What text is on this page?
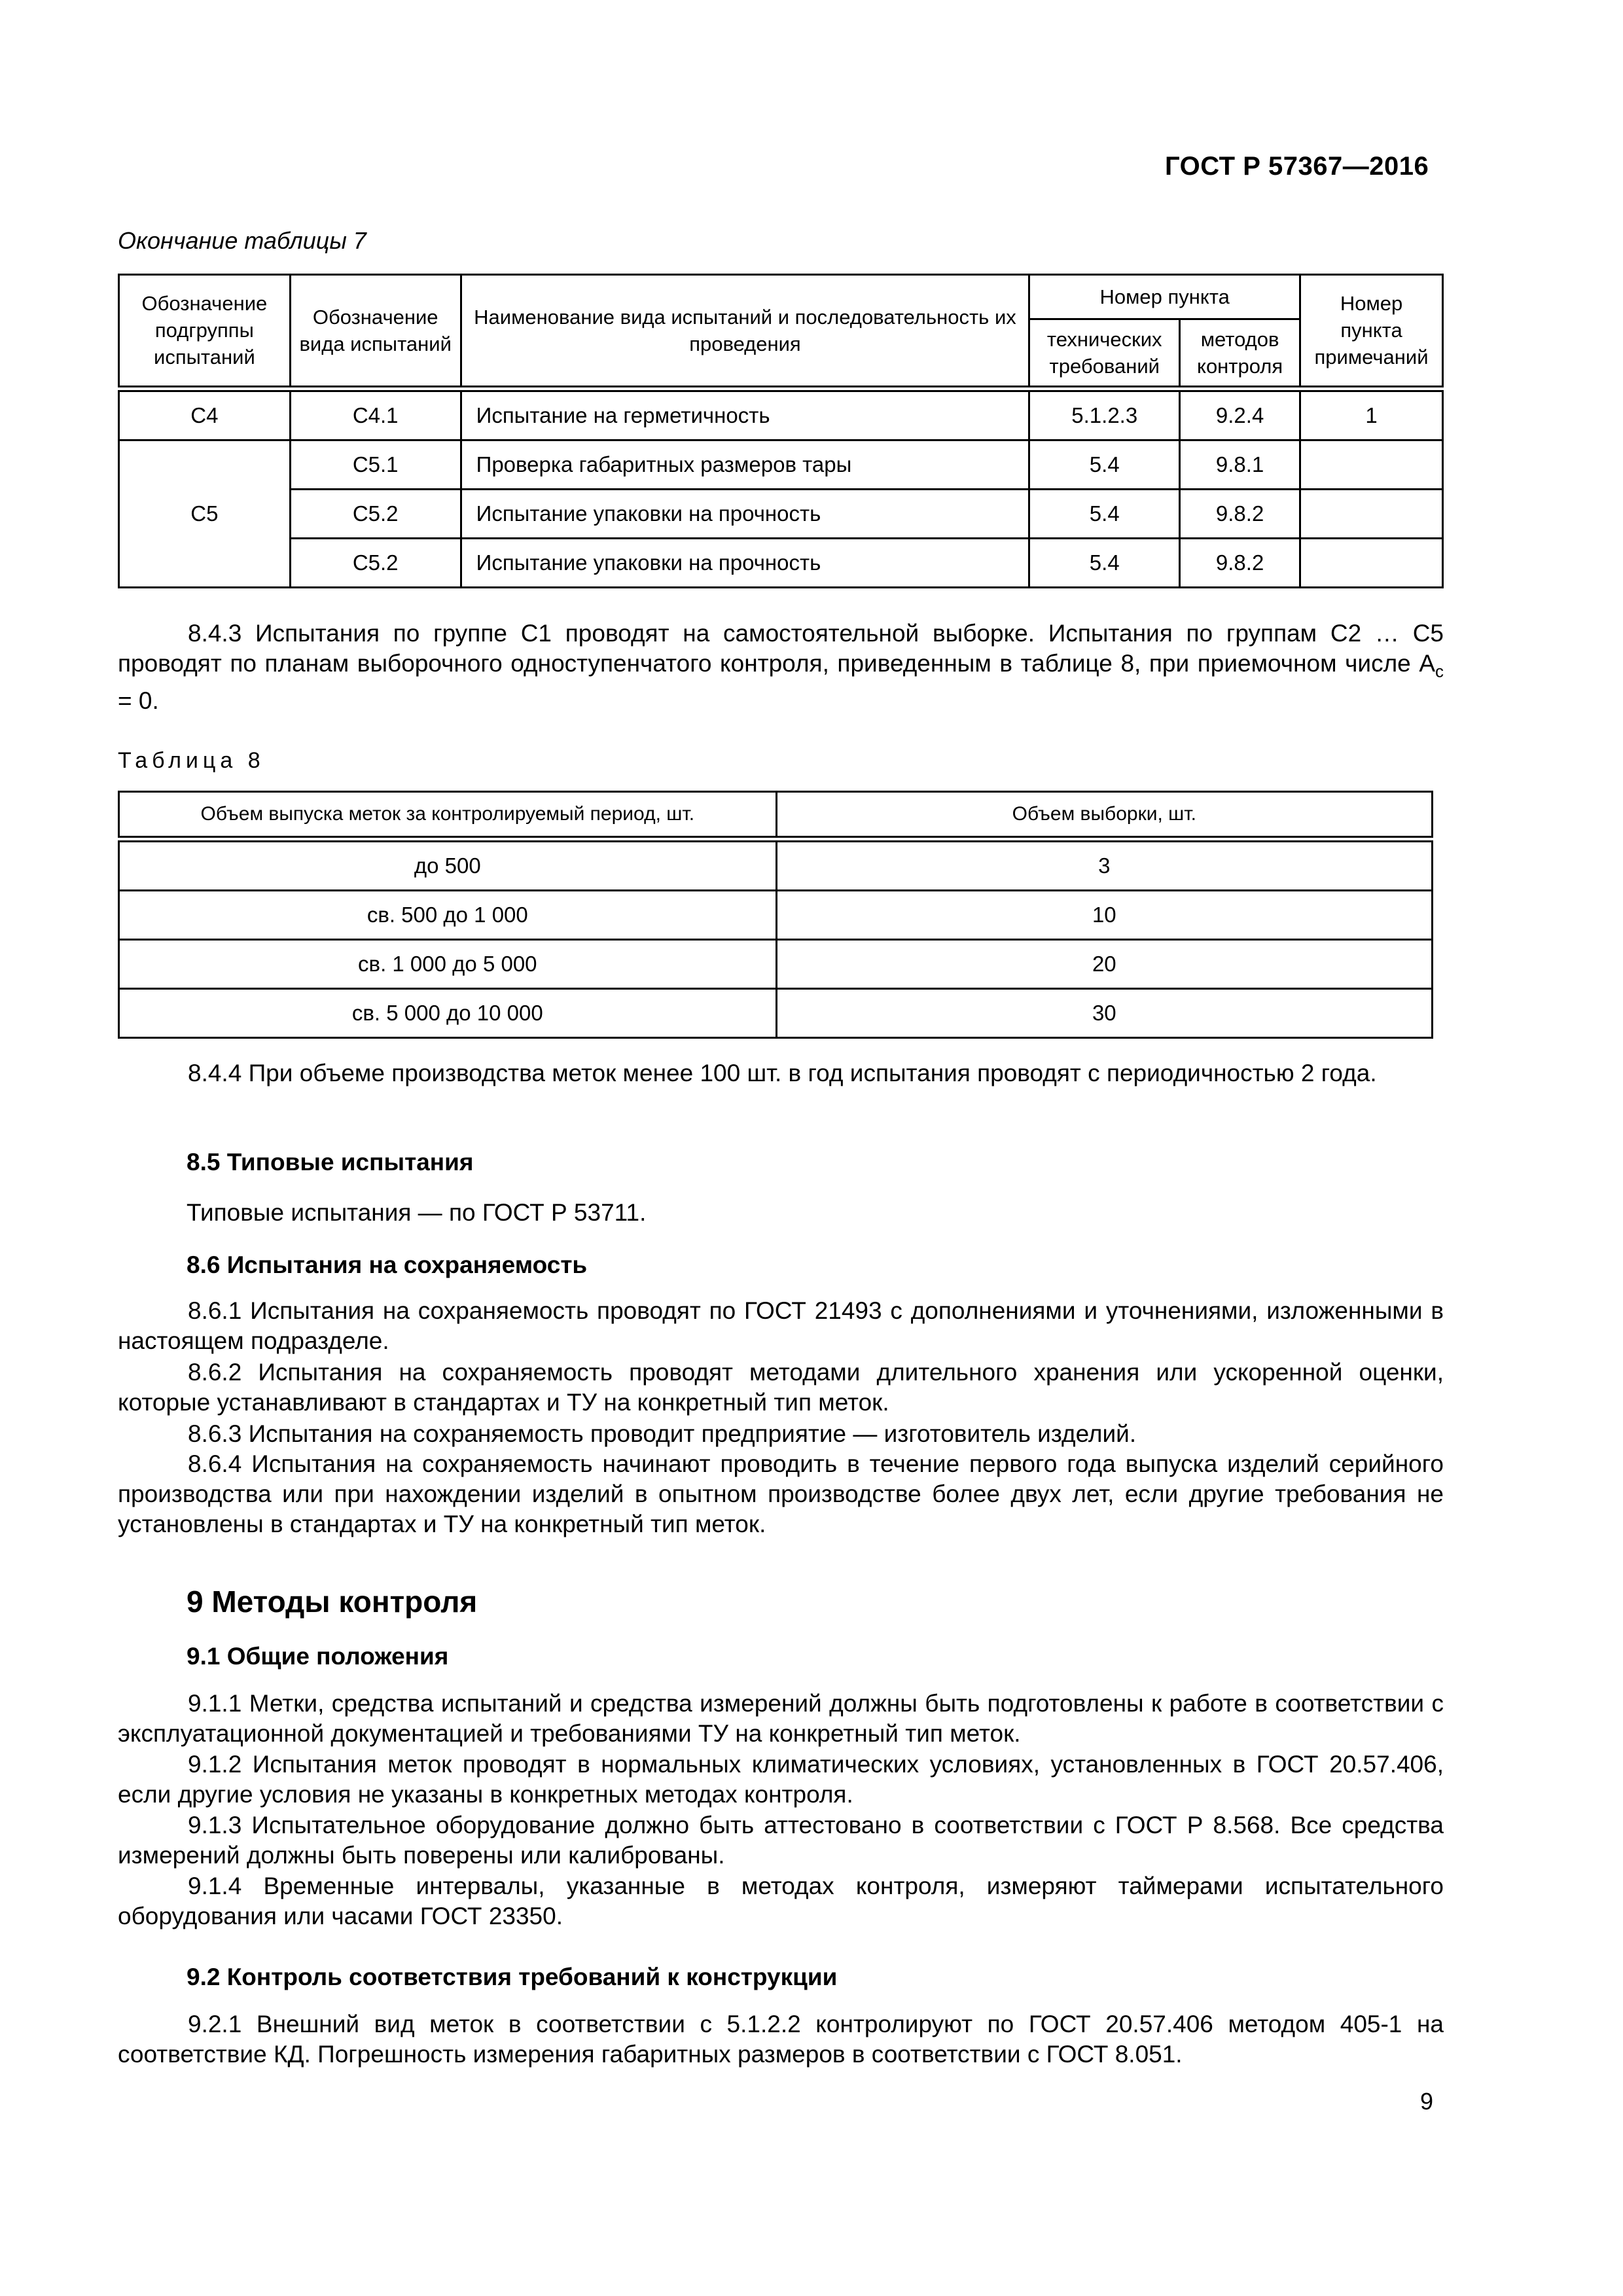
ГОСТ Р 57367—2016
Окончание таблицы 7
Обозначение подгруппы испытаний	Обозначение вида испытаний	Наименование вида испытаний и последовательность их проведения	Номер пункта		Номер пункта примечаний
			технических требований	методов контроля	
С4	С4.1	Испытание на герметичность	5.1.2.3	9.2.4	1
С5	С5.1	Проверка габаритных размеров тары	5.4	9.8.1	
	С5.2	Испытание упаковки на прочность	5.4	9.8.2	
	С5.2	Испытание упаковки на прочность	5.4	9.8.2	
8.4.3 Испытания по группе С1 проводят на самостоятельной выборке. Испытания по группам С2 … С5 проводят по планам выборочного одноступенчатого контроля, приведенным в таблице 8, при приемочном числе $A_c = 0$.
Таблица 8
Объем выпуска меток за контролируемый период, шт.	Объем выборки, шт.
до 500	3
св. 500 до 1 000	10
св. 1 000 до 5 000	20
св. 5 000 до 10 000	30
8.4.4 При объеме производства меток менее 100 шт. в год испытания проводят с периодичностью 2 года.
8.5 Типовые испытания
Типовые испытания — по ГОСТ Р 53711.
8.6 Испытания на сохраняемость
8.6.1 Испытания на сохраняемость проводят по ГОСТ 21493 с дополнениями и уточнениями, изложенными в настоящем подразделе.
8.6.2 Испытания на сохраняемость проводят методами длительного хранения или ускоренной оценки, которые устанавливают в стандартах и ТУ на конкретный тип меток.
8.6.3 Испытания на сохраняемость проводит предприятие — изготовитель изделий.
8.6.4 Испытания на сохраняемость начинают проводить в течение первого года выпуска изделий серийного производства или при нахождении изделий в опытном производстве более двух лет, если другие требования не установлены в стандартах и ТУ на конкретный тип меток.
9 Методы контроля
9.1 Общие положения
9.1.1 Метки, средства испытаний и средства измерений должны быть подготовлены к работе в соответствии с эксплуатационной документацией и требованиями ТУ на конкретный тип меток.
9.1.2 Испытания меток проводят в нормальных климатических условиях, установленных в ГОСТ 20.57.406, если другие условия не указаны в конкретных методах контроля.
9.1.3 Испытательное оборудование должно быть аттестовано в соответствии с ГОСТ Р 8.568. Все средства измерений должны быть поверены или калиброваны.
9.1.4 Временные интервалы, указанные в методах контроля, измеряют таймерами испытательного оборудования или часами ГОСТ 23350.
9.2 Контроль соответствия требований к конструкции
9.2.1 Внешний вид меток в соответствии с 5.1.2.2 контролируют по ГОСТ 20.57.406 методом 405-1 на соответствие КД. Погрешность измерения габаритных размеров в соответствии с ГОСТ 8.051.
9
